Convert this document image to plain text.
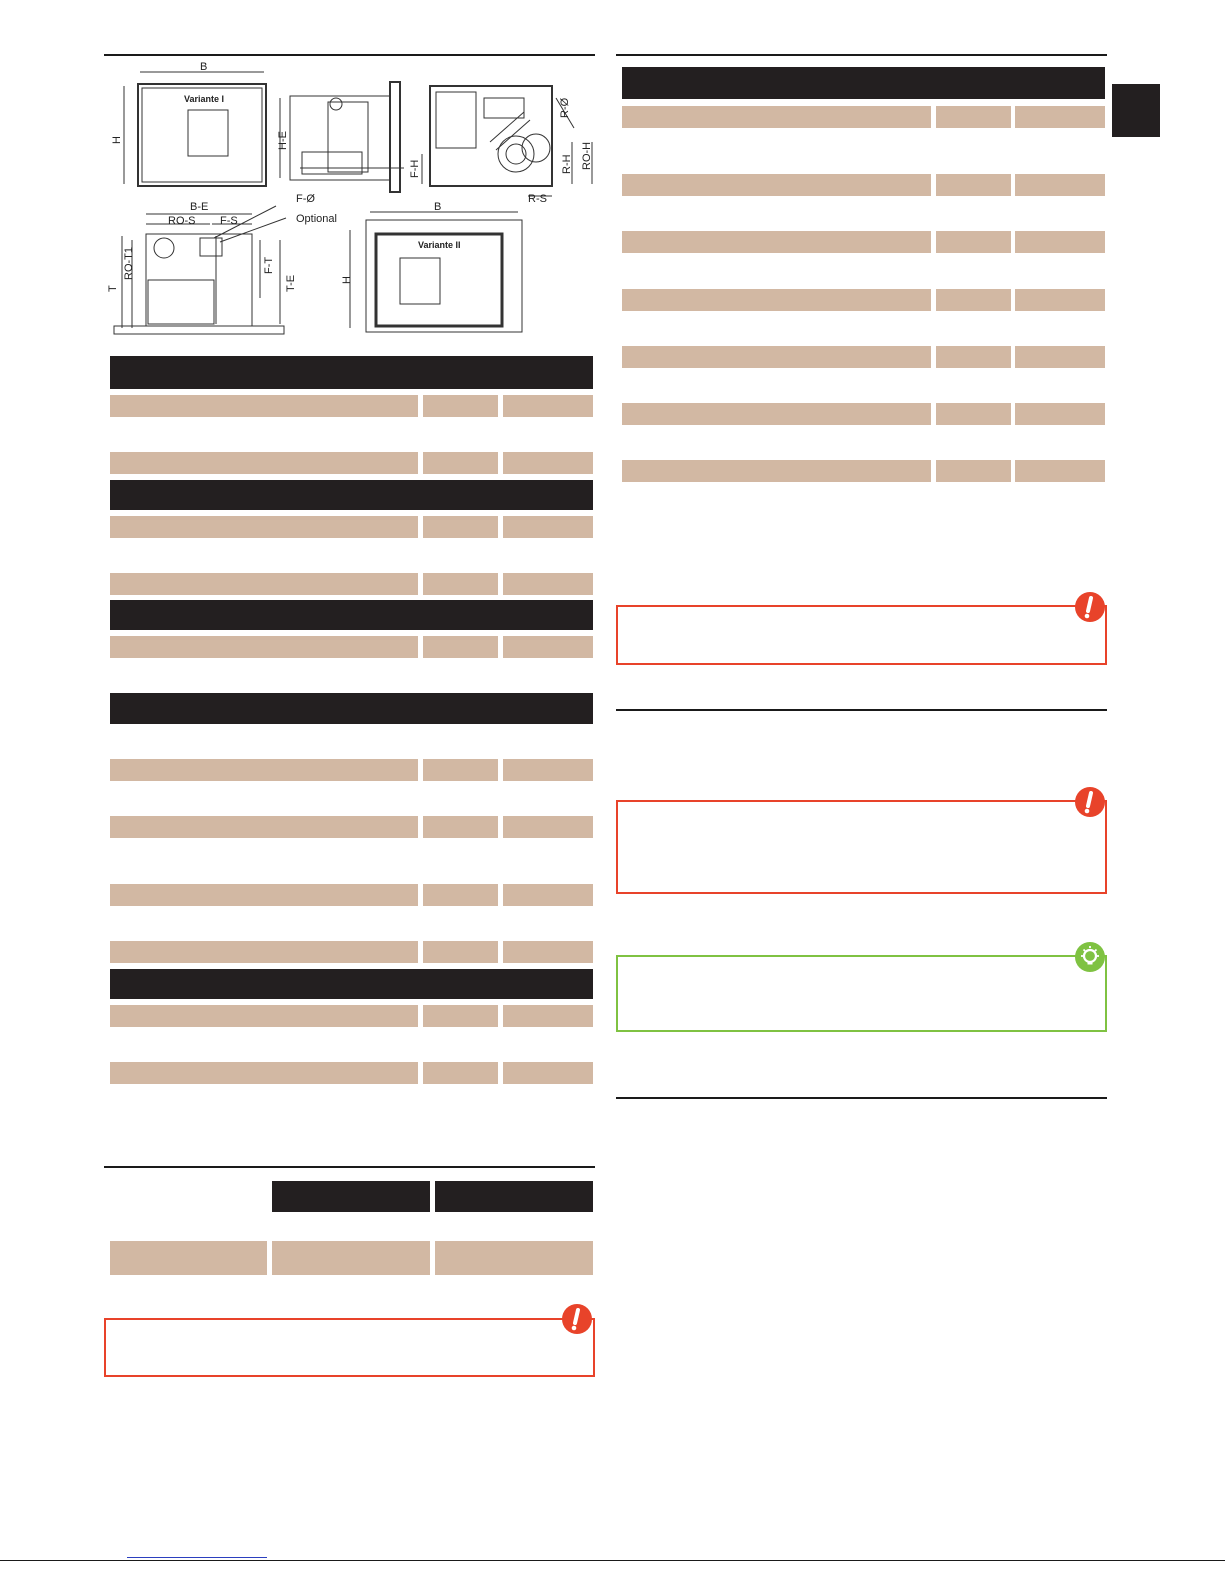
B
H
Variante I
H-E
R-Ø
R-H RO-H
F-H
R-S
B-E
F-Ø
Optional
RO-S F-S
RO-T1
T
F-T
T-E
B
H
Variante II
